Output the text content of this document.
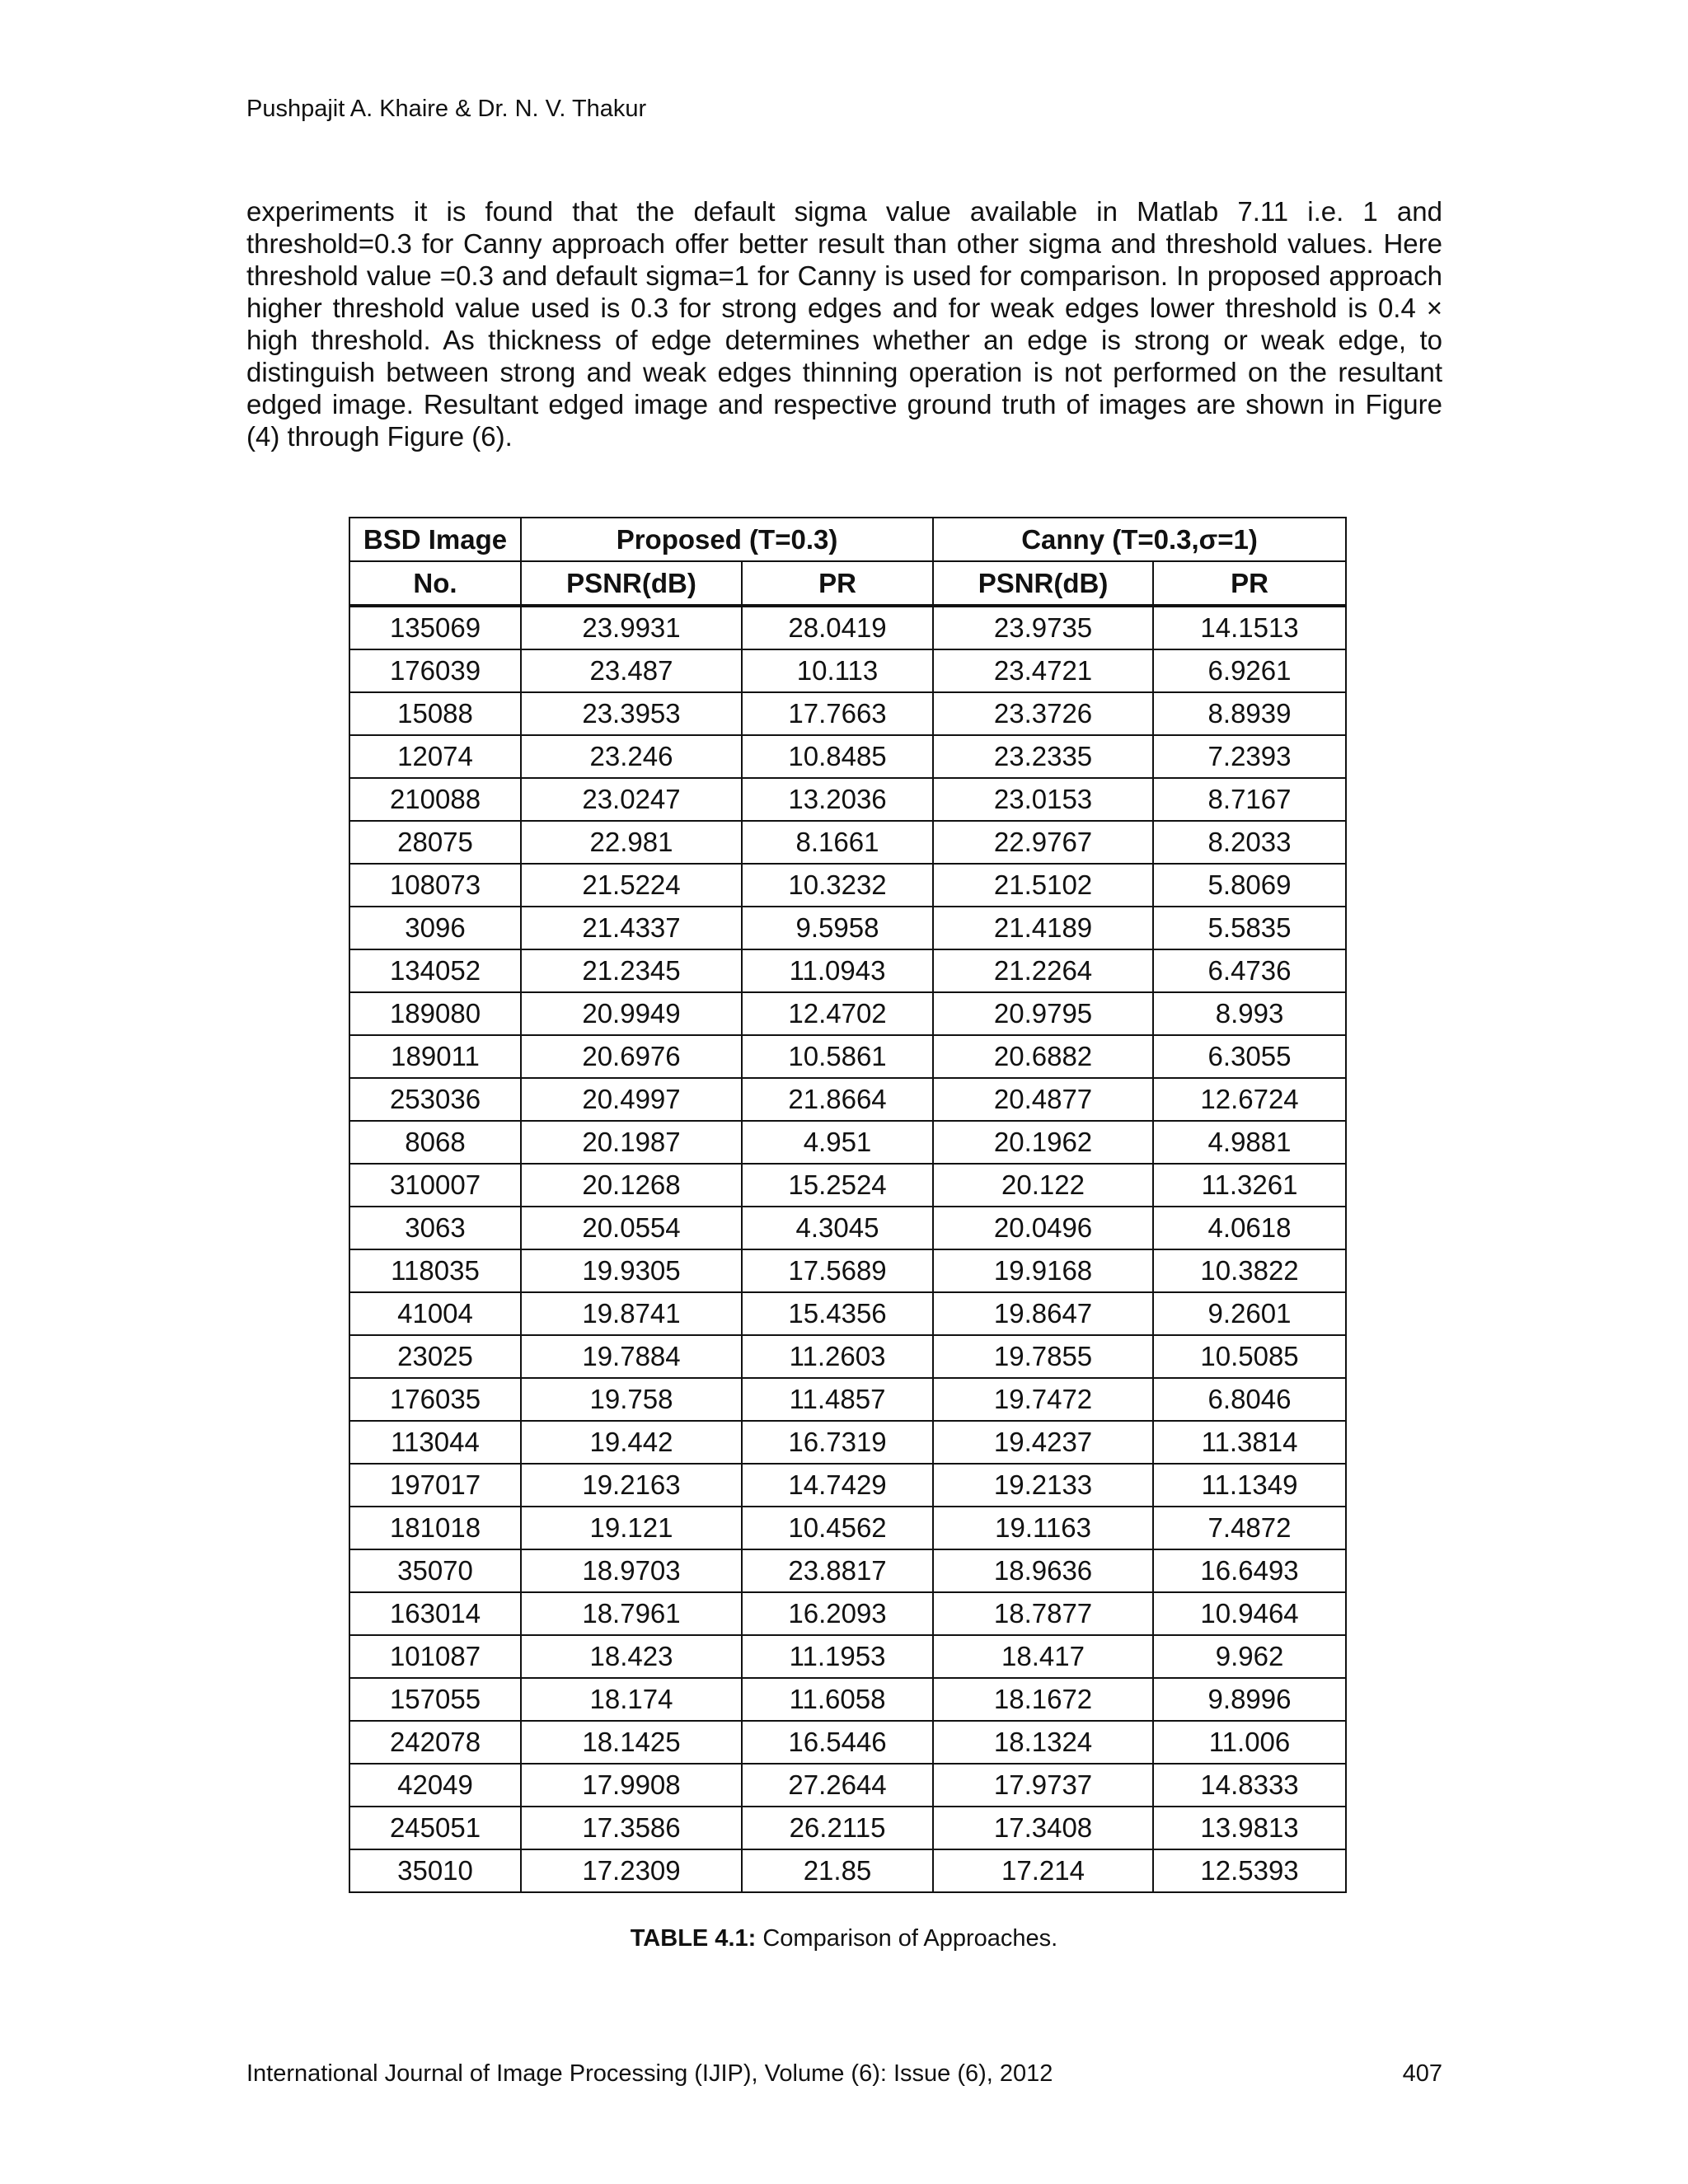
Pushpajit A. Khaire & Dr. N. V. Thakur
experiments it is found that the default sigma value available in Matlab 7.11 i.e. 1 and threshold=0.3 for Canny approach offer better result than other sigma and threshold values. Here threshold value =0.3 and default sigma=1 for Canny is used for comparison. In proposed approach higher threshold value used is 0.3 for strong edges and for weak edges lower threshold is 0.4 × high threshold. As thickness of edge determines whether an edge is strong or weak edge, to distinguish between strong and weak edges thinning operation is not performed on the resultant edged image. Resultant edged image and respective ground truth of images are shown in Figure (4) through Figure (6).
BSD Image	Proposed (T=0.3)		Canny (T=0.3,σ=1)	
No.	PSNR(dB)	PR	PSNR(dB)	PR
135069	23.9931	28.0419	23.9735	14.1513
176039	23.487	10.113	23.4721	6.9261
15088	23.3953	17.7663	23.3726	8.8939
12074	23.246	10.8485	23.2335	7.2393
210088	23.0247	13.2036	23.0153	8.7167
28075	22.981	8.1661	22.9767	8.2033
108073	21.5224	10.3232	21.5102	5.8069
3096	21.4337	9.5958	21.4189	5.5835
134052	21.2345	11.0943	21.2264	6.4736
189080	20.9949	12.4702	20.9795	8.993
189011	20.6976	10.5861	20.6882	6.3055
253036	20.4997	21.8664	20.4877	12.6724
8068	20.1987	4.951	20.1962	4.9881
310007	20.1268	15.2524	20.122	11.3261
3063	20.0554	4.3045	20.0496	4.0618
118035	19.9305	17.5689	19.9168	10.3822
41004	19.8741	15.4356	19.8647	9.2601
23025	19.7884	11.2603	19.7855	10.5085
176035	19.758	11.4857	19.7472	6.8046
113044	19.442	16.7319	19.4237	11.3814
197017	19.2163	14.7429	19.2133	11.1349
181018	19.121	10.4562	19.1163	7.4872
35070	18.9703	23.8817	18.9636	16.6493
163014	18.7961	16.2093	18.7877	10.9464
101087	18.423	11.1953	18.417	9.962
157055	18.174	11.6058	18.1672	9.8996
242078	18.1425	16.5446	18.1324	11.006
42049	17.9908	27.2644	17.9737	14.8333
245051	17.3586	26.2115	17.3408	13.9813
35010	17.2309	21.85	17.214	12.5393
TABLE 4.1: Comparison of Approaches.
International Journal of Image Processing (IJIP), Volume (6): Issue (6), 2012	407
